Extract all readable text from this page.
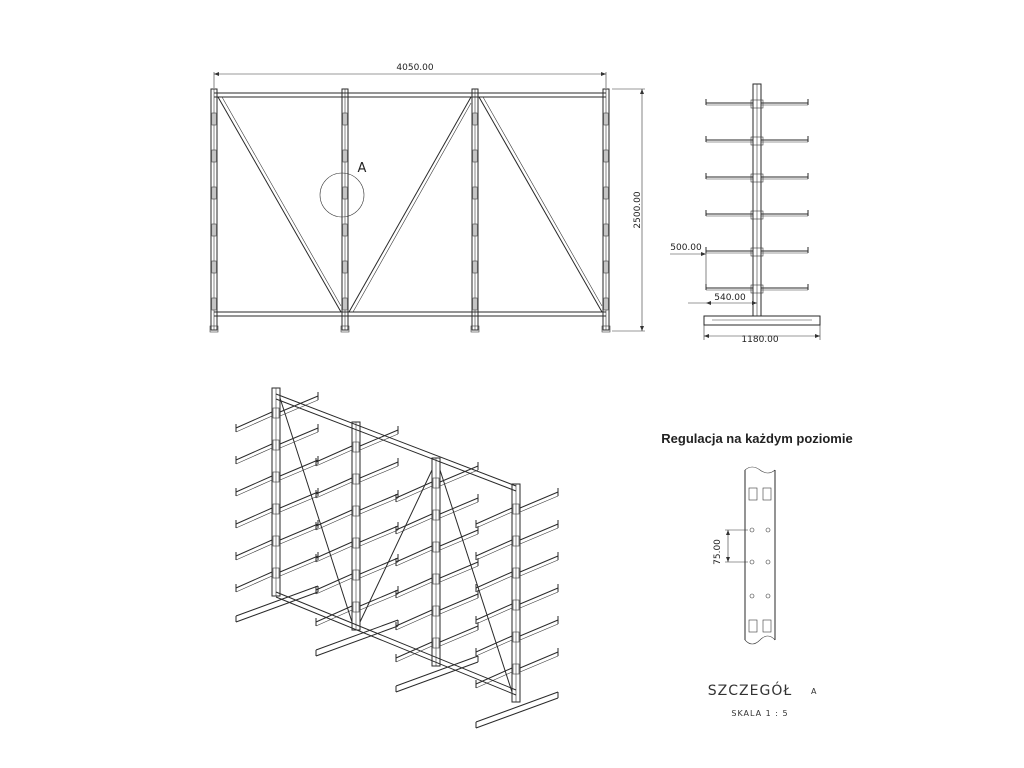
4050.00
2500.00
A
500.00
540.00
1180.00
Regulacja na każdym poziomie
75.00
SZCZEGÓŁ A
SKALA 1 : 5
